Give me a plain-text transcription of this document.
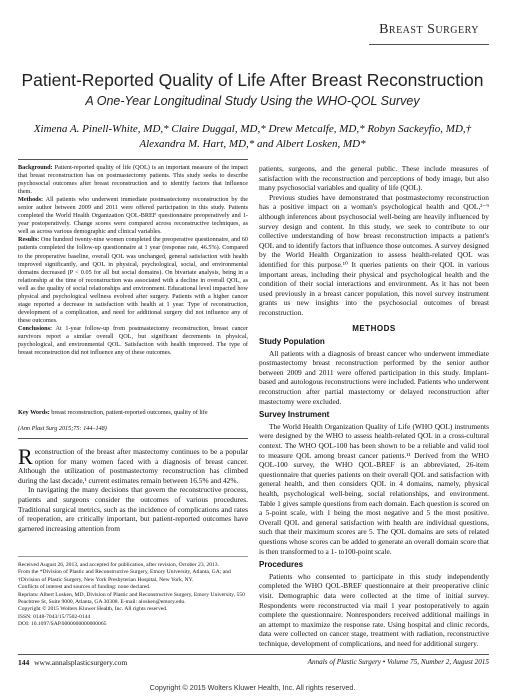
Breast Surgery
Patient-Reported Quality of Life After Breast Reconstruction
A One-Year Longitudinal Study Using the WHO-QOL Survey
Ximena A. Pinell-White, MD,* Claire Duggal, MD,* Drew Metcalfe, MD,* Robyn Sackeyfio, MD,†
Alexandra M. Hart, MD,* and Albert Losken, MD*

Background: Patient-reported quality of life (QOL) is an important measure of the impact that breast reconstruction has on postmastectomy patients. This study seeks to describe psychosocial outcomes after breast reconstruction and to identify factors that influence them.

Methods: All patients who underwent immediate postmastectomy reconstruction by the senior author between 2009 and 2011 were offered participation in this study. Patients completed the World Health Organization QOL-BREF questionnaire preoperatively and 1-year postoperatively. Change scores were compared across reconstructive techniques, as well as across various demographic and clinical variables.

Results: One hundred twenty-nine women completed the preoperative questionnaire, and 60 patients completed the follow-up questionnaire at 1 year (response rate, 46.5%). Compared to the preoperative baseline, overall QOL was unchanged, general satisfaction with health improved significantly, and QOL in physical, psychological, social, and environmental domains decreased (P < 0.05 for all but social domains). On bivariate analysis, being in a relationship at the time of reconstruction was associated with a decline in overall QOL, as well as the quality of social relationships and environment. Educational level impacted how physical and psychological wellness evolved after surgery. Patients with a higher cancer stage reported a decrease in satisfaction with health at 1 year. Type of reconstruction, development of a complication, and need for additional surgery did not influence any of these outcomes.

Conclusions: At 1-year follow-up from postmastectomy reconstruction, breast cancer survivors report a similar overall QOL, but significant decrements in physical, psychological, and environmental QOL. Satisfaction with health improved. The type of breast reconstruction did not influence any of these outcomes.

Key Words: breast reconstruction, patient-reported outcomes, quality of life
(Ann Plast Surg 2015;75: 144–148)

Reconstruction of the breast after mastectomy continues to be a popular option for many women faced with a diagnosis of breast cancer. Although the utilization of postmastectomy reconstruction has climbed during the last decade,¹ current estimates remain between 16.5% and 42%.

In navigating the many decisions that govern the reconstructive process, patients and surgeons consider the outcomes of various procedures. Traditional surgical metrics, such as the incidence of complications and rates of reoperation, are critically important, but patient-reported outcomes have garnered increasing attention from

Received August 26, 2013, and accepted for publication, after revision, October 23, 2013.

From the *Division of Plastic and Reconstructive Surgery, Emory University, Atlanta, GA; and †Division of Plastic Surgery, New York Presbyterian Hospital, New York, NY.

Conflicts of interest and sources of funding: none declared.

Reprints: Albert Losken, MD, Division of Plastic and Reconstructive Surgery, Emory University, 550 Peachtree St, Suite 9000, Atlanta, GA 30308. E-mail: alosken@emory.edu.

Copyright © 2015 Wolters Kluwer Health, Inc. All rights reserved.

ISSN: 0148-7043/15/7502-0144

DOI: 10.1097/SAP.0000000000000065

patients, surgeons, and the general public. These include measures of satisfaction with the reconstruction and perceptions of body image, but also many psychosocial variables and quality of life (QOL).

Previous studies have demonstrated that postmastectomy reconstruction has a positive impact on a woman's psychological health and QOL,²⁻⁹ although inferences about psychosocial well-being are heavily influenced by survey design and content. In this study, we seek to contribute to our collective understanding of how breast reconstruction impacts a patient's QOL and to identify factors that influence those outcomes. A survey designed by the World Health Organization to assess health-related QOL was identified for this purpose.¹⁰ It queries patients on their QOL in various important areas, including their physical and psychological health and the condition of their social interactions and environment. As it has not been used previously in a breast cancer population, this novel survey instrument grants us new insights into the psychosocial outcomes of breast reconstruction.

METHODS
Study Population

All patients with a diagnosis of breast cancer who underwent immediate postmastectomy breast reconstruction performed by the senior author between 2009 and 2011 were offered participation in this study. Implant-based and autologous reconstructions were included. Patients who underwent reconstruction after partial mastectomy or delayed reconstruction after mastectomy were excluded.

Survey Instrument

The World Health Organization Quality of Life (WHO QOL) instruments were designed by the WHO to assess health-related QOL in a cross-cultural context. The WHO QOL-100 has been shown to be a reliable and valid tool to measure QOL among breast cancer patients.¹¹ Derived from the WHO QOL-100 survey, the WHO QOL-BREF is an abbreviated, 26-item questionnaire that queries patients on their overall QOL and satisfaction with general health, and then considers QOL in 4 domains, namely, physical health, psychological well-being, social relationships, and environment. Table 1 gives sample questions from each domain. Each question is scored on a 5-point scale, with 1 being the most negative and 5 the most positive. Overall QOL and general satisfaction with health are individual questions, such that their maximum scores are 5. The QOL domains are sets of related questions whose scores can be added to generate an overall domain score that is then transformed to a 1- to100-point scale.

Procedures

Patients who consented to participate in this study independently completed the WHO QOL-BREF questionnaire at their preoperative clinic visit. Demographic data were collected at the time of initial survey. Respondents were reconstructed via mail 1 year postoperatively to again complete the questionnaire. Nonresponders received additional mailings in an attempt to maximize the response rate. Using hospital and clinic records, data were collected on cancer stage, treatment with radiation, reconstructive technique, development of complications, and need for additional surgery.

144 www.annalsplasticsurgery.com	Annals of Plastic Surgery • Volume 75, Number 2, August 2015
Copyright © 2015 Wolters Kluwer Health, Inc. All rights reserved.
